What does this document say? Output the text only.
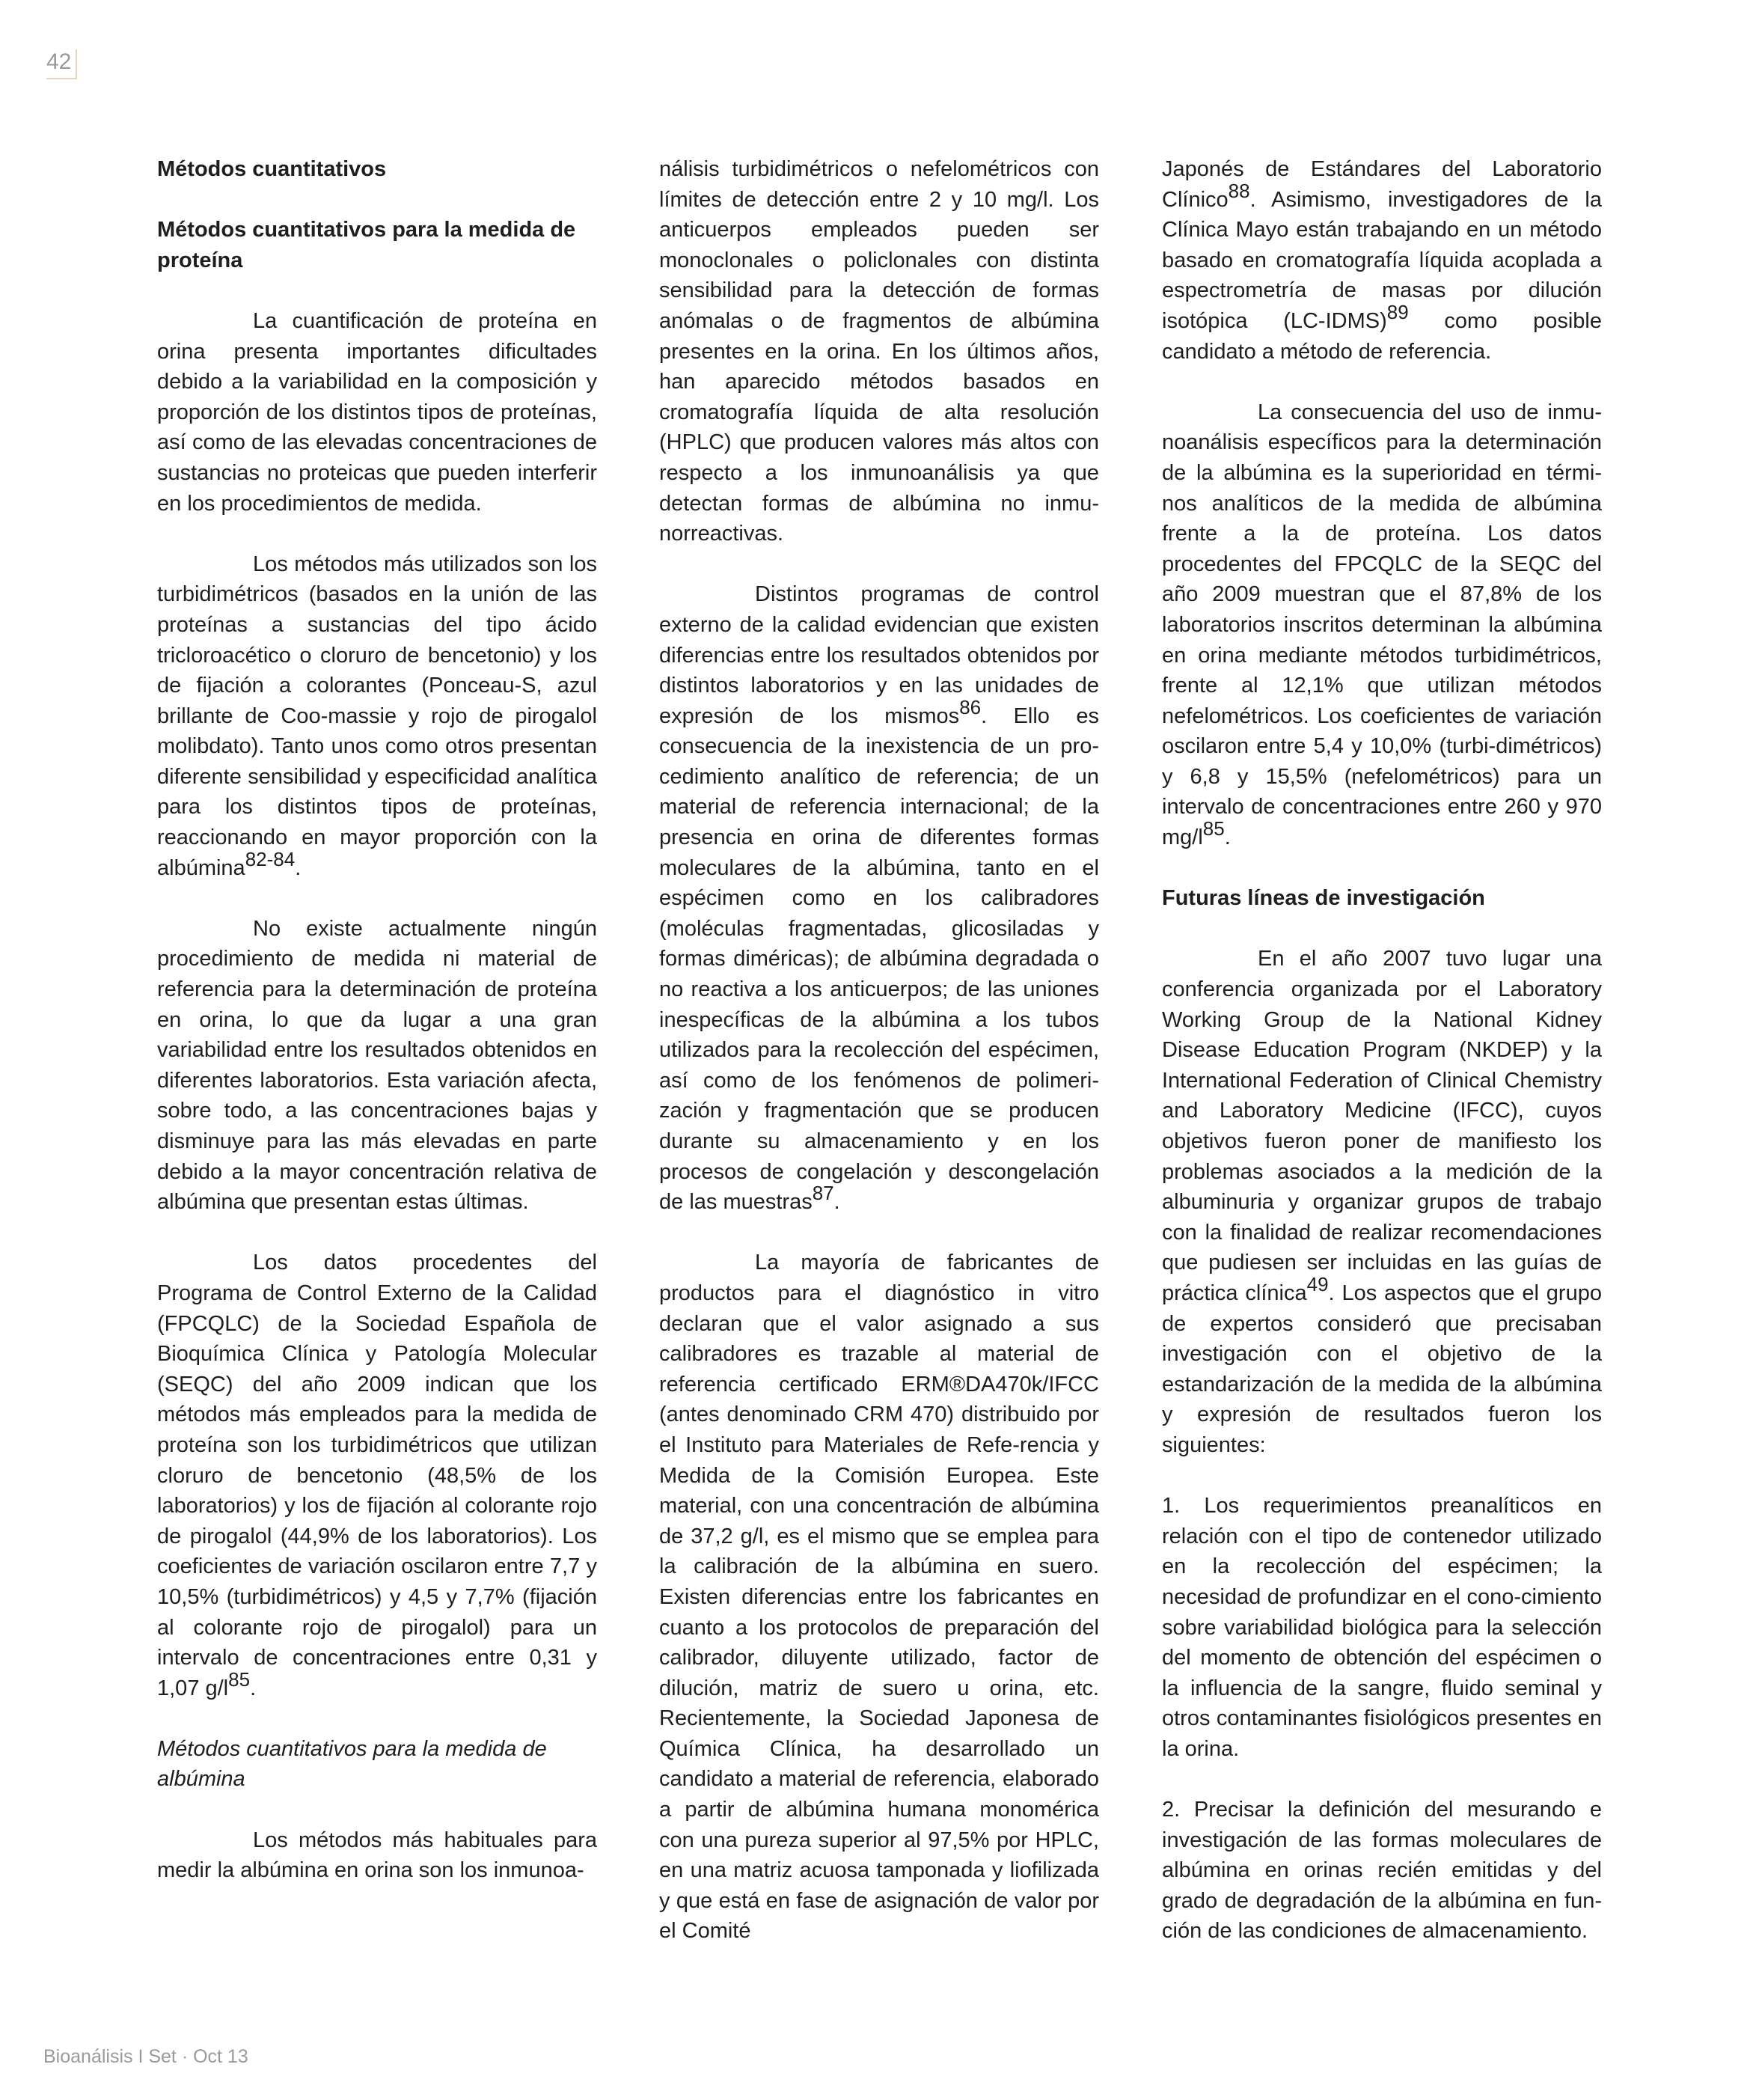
42
Métodos cuantitativos
Métodos cuantitativos para la medida de proteína

La cuantificación de proteína en orina presenta importantes dificultades debido a la variabilidad en la composición y proporción de los distintos tipos de proteínas, así como de las elevadas concentraciones de sustancias no proteicas que pueden interferir en los procedimientos de medida.

Los métodos más utilizados son los turbidimétricos (basados en la unión de las proteínas a sustancias del tipo ácido tricloroacético o cloruro de bencetonio) y los de fijación a colorantes (Ponceau-S, azul brillante de Coo-massie y rojo de pirogalol molibdato). Tanto unos como otros presentan diferente sensibilidad y especificidad analítica para los distintos tipos de proteínas, reaccionando en mayor proporción con la albúmina$^{82-84}$.

No existe actualmente ningún procedimiento de medida ni material de referencia para la determinación de proteína en orina, lo que da lugar a una gran variabilidad entre los resultados obtenidos en diferentes laboratorios. Esta variación afecta, sobre todo, a las concentraciones bajas y disminuye para las más elevadas en parte debido a la mayor concentración relativa de albúmina que presentan estas últimas.

Los datos procedentes del Programa de Control Externo de la Calidad (FPCQLC) de la Sociedad Española de Bioquímica Clínica y Patología Molecular (SEQC) del año 2009 indican que los métodos más empleados para la medida de proteína son los turbidimétricos que utilizan cloruro de bencetonio (48,5% de los laboratorios) y los de fijación al colorante rojo de pirogalol (44,9% de los laboratorios). Los coeficientes de variación oscilaron entre 7,7 y 10,5% (turbidimétricos) y 4,5 y 7,7% (fijación al colorante rojo de pirogalol) para un intervalo de concentraciones entre 0,31 y 1,07 $g/l^{85}$.

Métodos cuantitativos para la medida de albúmina

Los métodos más habituales para medir la albúmina en orina son los inmunoa-

nálisis turbidimétricos o nefelométricos con límites de detección entre 2 y 10 mg/l. Los anticuerpos empleados pueden ser monoclonales o policlonales con distinta sensibilidad para la detección de formas anómalas o de fragmentos de albúmina presentes en la orina. En los últimos años, han aparecido métodos basados en cromatografía líquida de alta resolución (HPLC) que producen valores más altos con respecto a los inmunoanálisis ya que detectan formas de albúmina no inmu-norreactivas.

Distintos programas de control externo de la calidad evidencian que existen diferencias entre los resultados obtenidos por distintos laboratorios y en las unidades de expresión de los mismos$^{86}$. Ello es consecuencia de la inexistencia de un pro-cedimiento analítico de referencia; de un material de referencia internacional; de la presencia en orina de diferentes formas moleculares de la albúmina, tanto en el espécimen como en los calibradores (moléculas fragmentadas, glicosiladas y formas diméricas); de albúmina degradada o no reactiva a los anticuerpos; de las uniones inespecíficas de la albúmina a los tubos utilizados para la recolección del espécimen, así como de los fenómenos de polimeri-zación y fragmentación que se producen durante su almacenamiento y en los procesos de congelación y descongelación de las muestras$^{87}$.

La mayoría de fabricantes de productos para el diagnóstico in vitro declaran que el valor asignado a sus calibradores es trazable al material de referencia certificado ERM®DA470k/IFCC (antes denominado CRM 470) distribuido por el Instituto para Materiales de Refe-rencia y Medida de la Comisión Europea. Este material, con una concentración de albúmina de 37,2 g/l, es el mismo que se emplea para la calibración de la albúmina en suero. Existen diferencias entre los fabricantes en cuanto a los protocolos de preparación del calibrador, diluyente utilizado, factor de dilución, matriz de suero u orina, etc. Recientemente, la Sociedad Japonesa de Química Clínica, ha desarrollado un candidato a material de referencia, elaborado a partir de albúmina humana monomérica con una pureza superior al 97,5% por HPLC, en una matriz acuosa tamponada y liofilizada y que está en fase de asignación de valor por el Comité

Japonés de Estándares del Laboratorio Clínico$^{88}$. Asimismo, investigadores de la Clínica Mayo están trabajando en un método basado en cromatografía líquida acoplada a espectrometría de masas por dilución isotópica (LC-IDMS)$^{89}$ como posible candidato a método de referencia.

La consecuencia del uso de inmu-noanálisis específicos para la determinación de la albúmina es la superioridad en térmi-nos analíticos de la medida de albúmina frente a la de proteína. Los datos procedentes del FPCQLC de la SEQC del año 2009 muestran que el 87,8% de los laboratorios inscritos determinan la albúmina en orina mediante métodos turbidimétricos, frente al 12,1% que utilizan métodos nefelométricos. Los coeficientes de variación oscilaron entre 5,4 y 10,0% (turbi-dimétricos) y 6,8 y 15,5% (nefelométricos) para un intervalo de concentraciones entre 260 y 970 $mg/l^{85}$.

Futuras líneas de investigación

En el año 2007 tuvo lugar una conferencia organizada por el Laboratory Working Group de la National Kidney Disease Education Program (NKDEP) y la International Federation of Clinical Chemistry and Laboratory Medicine (IFCC), cuyos objetivos fueron poner de manifiesto los problemas asociados a la medición de la albuminuria y organizar grupos de trabajo con la finalidad de realizar recomendaciones que pudiesen ser incluidas en las guías de práctica clínica$^{49}$. Los aspectos que el grupo de expertos consideró que precisaban investigación con el objetivo de la estandarización de la medida de la albúmina y expresión de resultados fueron los siguientes:

1. Los requerimientos preanalíticos en relación con el tipo de contenedor utilizado en la recolección del espécimen; la necesidad de profundizar en el cono-cimiento sobre variabilidad biológica para la selección del momento de obtención del espécimen o la influencia de la sangre, fluido seminal y otros contaminantes fisiológicos presentes en la orina.

2. Precisar la definición del mesurando e investigación de las formas moleculares de albúmina en orinas recién emitidas y del grado de degradación de la albúmina en fun-ción de las condiciones de almacenamiento.

Bioanálisis I Set · Oct 13
